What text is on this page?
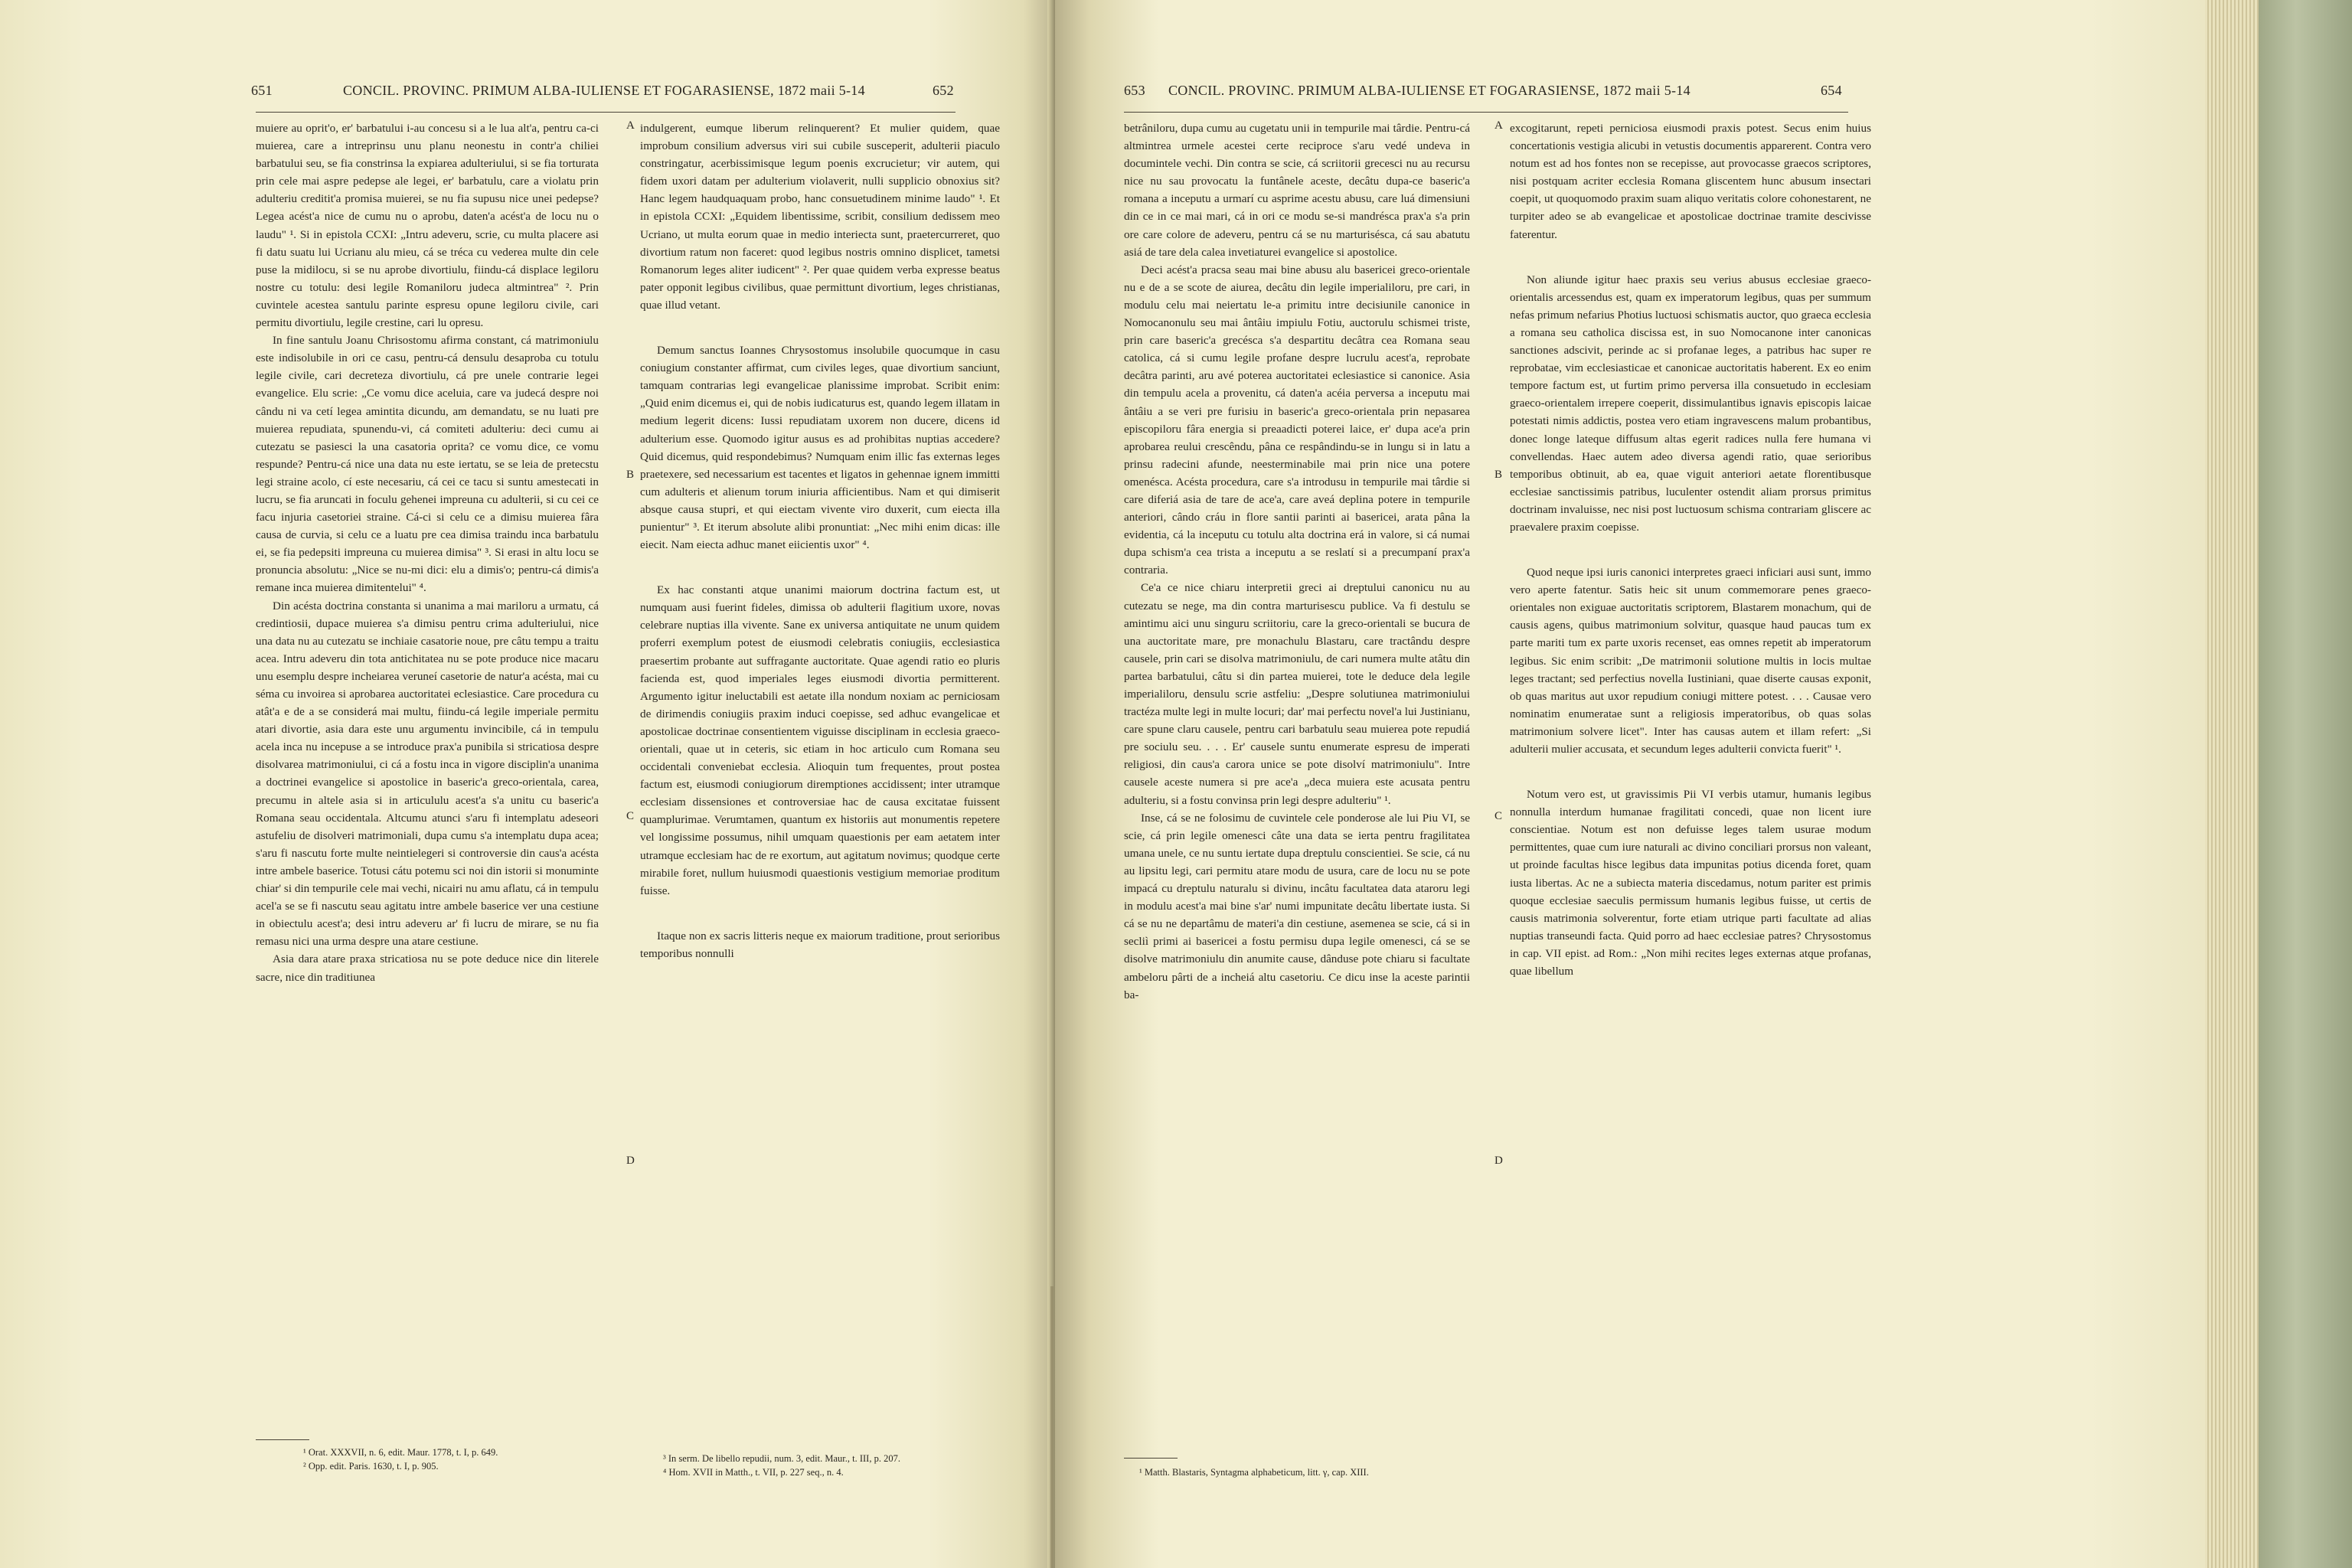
651	CONCIL. PROVINC. PRIMUM ALBA-IULIENSE ET FOGARASIENSE, 1872 maii 5-14	652

muiere au oprit'o, er' barbatului i-au concesu si a le lua alt'a, pentru ca-ci muierea, care a intreprinsu unu planu neonestu in contr'a chiliei barbatului seu, se fia constrinsa la expiarea adulteriului, si se fia torturata prin cele mai aspre pedepse ale legei, er' barbatulu, care a violatu prin adulteriu creditit'a promisa muierei, se nu fia supusu nice unei pedepse? Legea acést'a nice de cumu nu o aprobu, daten'a acést'a de locu nu o laudu" ¹. Si in epistola CCXI: „Intru adeveru, scrie, cu multa placere asi fi datu suatu lui Ucrianu alu mieu, cá se tréca cu vederea multe din cele puse la midilocu, si se nu aprobe divortiulu, fiindu-cá displace legiloru nostre cu totulu: desi legile Romaniloru judeca altmintrea" ². Prin cuvintele acestea santulu parinte espresu opune legiloru civile, cari permitu divortiulu, legile crestine, cari lu opresu.

In fine santulu Joanu Chrisostomu afirma constant, cá matrimoniulu este indisolubile in ori ce casu, pentru-cá densulu desaproba cu totulu legile civile, cari decreteza divortiulu, cá pre unele contrarie legei evangelice. Elu scrie: „Ce vomu dice aceluia, care va judecá despre noi cându ni va cetí legea amintita dicundu, am demandatu, se nu luati pre muierea repudiata, spunendu-vi, cá comiteti adulteriu: deci cumu ai cutezatu se pasiesci la una casatoria oprita? ce vomu dice, ce vomu respunde? Pentru-cá nice una data nu este iertatu, se se leia de pretecstu legi straine acolo, cí este necesariu, cá cei ce tacu si suntu amestecati in lucru, se fia aruncati in foculu gehenei impreuna cu adulterii, si cu cei ce facu injuria casetoriei straine. Cá-ci si celu ce a dimisu muierea fâra causa de curvia, si celu ce a luatu pre cea dimisa traindu inca barbatulu ei, se fia pedepsiti impreuna cu muierea dimisa" ³. Si erasi in altu locu se pronuncia absolutu: „Nice se nu-mi dici: elu a dimis'o; pentru-cá dimis'a remane inca muierea dimitentelui" ⁴.

Din acésta doctrina constanta si unanima a mai mariloru a urmatu, cá credintiosii, dupace muierea s'a dimisu pentru crima adulteriului, nice una data nu au cutezatu se inchiaie casatorie noue, pre câtu tempu a traitu acea. Intru adeveru din tota antichitatea nu se pote produce nice macaru unu esemplu despre incheiarea veruneí casetorie de natur'a acésta, mai cu séma cu invoirea si aprobarea auctoritatei eclesiastice. Care procedura cu atât'a e de a se considerá mai multu, fiindu-cá legile imperiale permitu atari divortie, asia dara este unu argumentu invincibile, cá in tempulu acela inca nu incepuse a se introduce prax'a punibila si stricatiosa despre disolvarea matrimoniului, ci cá a fostu inca in vigore disciplin'a unanima a doctrinei evangelice si apostolice in baseric'a greco-orientala, carea, precumu in altele asia si in articululu acest'a s'a unitu cu baseric'a Romana seau occidentala. Altcumu atunci s'aru fi intemplatu adeseori astufeliu de disolveri matrimoniali, dupa cumu s'a intemplatu dupa acea; s'aru fi nascutu forte multe neintielegeri si controversie din caus'a acésta intre ambele baserice. Totusi cátu potemu sci noi din istorii si monuminte chiar' si din tempurile cele mai vechi, nicairi nu amu aflatu, cá in tempulu acel'a se se fi nascutu seau agitatu intre ambele baserice ver una cestiune in obiectulu acest'a; desi intru adeveru ar' fi lucru de mirare, se nu fia remasu nici una urma despre una atare cestiune.

Asia dara atare praxa stricatiosa nu se pote deduce nice din literele sacre, nice din traditiunea

indulgerent, eumque liberum relinquerent? Et mulier quidem, quae improbum consilium adversus viri sui cubile susceperit, adulterii piaculo constringatur, acerbissimisque legum poenis excrucietur; vir autem, qui fidem uxori datam per adulterium violaverit, nulli supplicio obnoxius sit? Hanc legem haudquaquam probo, hanc consuetudinem minime laudo" ¹. Et in epistola CCXI: „Equidem libentissime, scribit, consilium dedissem meo Ucriano, ut multa eorum quae in medio interiecta sunt, praetercurreret, quo divortium ratum non faceret: quod legibus nostris omnino displicet, tametsi Romanorum leges aliter iudicent" ². Per quae quidem verba expresse beatus pater opponit legibus civilibus, quae permittunt divortium, leges christianas, quae illud vetant.

Demum sanctus Ioannes Chrysostomus insolubile quocumque in casu coniugium constanter affirmat, cum civiles leges, quae divortium sanciunt, tamquam contrarias legi evangelicae planissime improbat. Scribit enim: „Quid enim dicemus ei, qui de nobis iudicaturus est, quando legem illatam in medium legerit dicens: Iussi repudiatam uxorem non ducere, dicens id adulterium esse. Quomodo igitur ausus es ad prohibitas nuptias accedere? Quid dicemus, quid respondebimus? Numquam enim illic fas externas leges praetexere, sed necessarium est tacentes et ligatos in gehennae ignem immitti cum adulteris et alienum torum iniuria afficientibus. Nam et qui dimiserit absque causa stupri, et qui eiectam vivente viro duxerit, cum eiecta illa punientur" ³. Et iterum absolute alibi pronuntiat: „Nec mihi enim dicas: ille eiecit. Nam eiecta adhuc manet eiicientis uxor" ⁴.

Ex hac constanti atque unanimi maiorum doctrina factum est, ut numquam ausi fuerint fideles, dimissa ob adulterii flagitium uxore, novas celebrare nuptias illa vivente. Sane ex universa antiquitate ne unum quidem proferri exemplum potest de eiusmodi celebratis coniugiis, ecclesiastica praesertim probante aut suffragante auctoritate. Quae agendi ratio eo pluris facienda est, quod imperiales leges eiusmodi divortia permitterent. Argumento igitur ineluctabili est aetate illa nondum noxiam ac perniciosam de dirimendis coniugiis praxim induci coepisse, sed adhuc evangelicae et apostolicae doctrinae consentientem viguisse disciplinam in ecclesia graeco-orientali, quae ut in ceteris, sic etiam in hoc articulo cum Romana seu occidentali conveniebat ecclesia. Alioquin tum frequentes, prout postea factum est, eiusmodi coniugiorum diremptiones accidissent; inter utramque ecclesiam dissensiones et controversiae hac de causa excitatae fuissent quamplurimae. Verumtamen, quantum ex historiis aut monumentis repetere vel longissime possumus, nihil umquam quaestionis per eam aetatem inter utramque ecclesiam hac de re exortum, aut agitatum novimus; quodque certe mirabile foret, nullum huiusmodi quaestionis vestigium memoriae proditum fuisse.

Itaque non ex sacris litteris neque ex maiorum traditione, prout serioribus temporibus nonnulli

A
B
C
D
¹ Orat. XXXVII, n. 6, edit. Maur. 1778, t. I, p. 649.
² Opp. edit. Paris. 1630, t. I, p. 905.
³ In serm. De libello repudii, num. 3, edit. Maur., t. III, p. 207.
⁴ Hom. XVII in Matth., t. VII, p. 227 seq., n. 4.
653 CONCIL. PROVINC. PRIMUM ALBA-IULIENSE ET FOGARASIENSE, 1872 maii 5-14	654

betrâniloru, dupa cumu au cugetatu unii in tempurile mai târdie. Pentru-cá altmintrea urmele acestei certe reciproce s'aru vedé undeva in documintele vechi. Din contra se scie, cá scriitorii grecesci nu au recursu nice nu sau provocatu la funtânele aceste, decâtu dupa-ce baseric'a romana a inceputu a urmarí cu asprime acestu abusu, care luá dimensiuni din ce in ce mai mari, cá in ori ce modu se-si mandrésca prax'a s'a prin ore care colore de adeveru, pentru cá se nu marturisésca, cá sau abatutu asiá de tare dela calea invetiaturei evangelice si apostolice.

Deci acést'a pracsa seau mai bine abusu alu basericei greco-orientale nu e de a se scote de aiurea, decâtu din legile imperialiloru, pre cari, in modulu celu mai neiertatu le-a primitu intre decisiunile canonice in Nomocanonulu seu mai ântâiu impiulu Fotiu, auctorulu schismei triste, prin care baseric'a grecésca s'a despartitu decâtra cea Romana seau catolica, cá si cumu legile profane despre lucrulu acest'a, reprobate decâtra parinti, aru avé poterea auctoritatei eclesiastice si canonice. Asia din tempulu acela a provenitu, cá daten'a acéia perversa a inceputu mai ântâiu a se veri pre furisiu in baseric'a greco-orientala prin nepasarea episcopiloru fâra energia si preaadicti poterei laice, er' dupa ace'a prin aprobarea reului crescêndu, pâna ce respândindu-se in lungu si in latu a prinsu radecini afunde, neesterminabile mai prin nice una potere omenésca. Acésta procedura, care s'a introdusu in tempurile mai târdie si care diferiá asia de tare de ace'a, care aveá deplina potere in tempurile anteriori, cândo cráu in flore santii parinti ai basericei, arata pâna la evidentia, cá la inceputu cu totulu alta doctrina erá in valore, si cá numai dupa schism'a cea trista a inceputu a se reslatí si a precumpaní prax'a contraria.

Ce'a ce nice chiaru interpretii greci ai dreptului canonicu nu au cutezatu se nege, ma din contra marturisescu publice. Va fi destulu se amintimu aici unu singuru scriitoriu, care la greco-orientali se bucura de una auctoritate mare, pre monachulu Blastaru, care tractându despre causele, prin cari se disolva matrimoniulu, de cari numera multe atâtu din partea barbatului, câtu si din partea muierei, tote le deduce dela legile imperialiloru, densulu scrie astfeliu: „Despre solutiunea matrimoniului tractéza multe legi in multe locuri; dar' mai perfectu novel'a lui Justinianu, care spune claru causele, pentru cari barbatulu seau muierea pote repudiá pre sociulu seu. . . . Er' causele suntu enumerate espresu de imperati religiosi, din caus'a carora unice se pote disolví matrimoniulu". Intre causele aceste numera si pre ace'a „deca muiera este acusata pentru adulteriu, si a fostu convinsa prin legi despre adulteriu" ¹.

Inse, cá se ne folosimu de cuvintele cele ponderose ale lui Piu VI, se scie, cá prin legile omenesci câte una data se ierta pentru fragilitatea umana unele, ce nu suntu iertate dupa dreptulu conscientiei. Se scie, cá nu au lipsitu legi, cari permitu atare modu de usura, care de locu nu se pote impacá cu dreptulu naturalu si divinu, incâtu facultatea data ataroru legi in modulu acest'a mai bine s'ar' numi impunitate decâtu libertate iusta. Si cá se nu ne departâmu de materi'a din cestiune, asemenea se scie, cá si in secliì primi ai basericei a fostu permisu dupa legile omenesci, cá se se disolve matrimoniulu din anumite cause, dânduse pote chiaru si facultate ambeloru pârti de a incheiá altu casetoriu. Ce dicu inse la aceste parintii ba-

excogitarunt, repeti perniciosa eiusmodi praxis potest. Secus enim huius concertationis vestigia alicubi in vetustis documentis apparerent. Contra vero notum est ad hos fontes non se recepisse, aut provocasse graecos scriptores, nisi postquam acriter ecclesia Romana gliscentem hunc abusum insectari coepit, ut quoquomodo praxim suam aliquo veritatis colore cohonestarent, ne turpiter adeo se ab evangelicae et apostolicae doctrinae tramite descivisse faterentur.

Non aliunde igitur haec praxis seu verius abusus ecclesiae graeco-orientalis arcessendus est, quam ex imperatorum legibus, quas per summum nefas primum nefarius Photius luctuosi schismatis auctor, quo graeca ecclesia a romana seu catholica discissa est, in suo Nomocanone inter canonicas sanctiones adscivit, perinde ac si profanae leges, a patribus hac super re reprobatae, vim ecclesiasticae et canonicae auctoritatis haberent. Ex eo enim tempore factum est, ut furtim primo perversa illa consuetudo in ecclesiam graeco-orientalem irrepere coeperit, dissimulantibus ignavis episcopis laicae potestati nimis addictis, postea vero etiam ingravescens malum probantibus, donec longe lateque diffusum altas egerit radices nulla fere humana vi convellendas. Haec autem adeo diversa agendi ratio, quae serioribus temporibus obtinuit, ab ea, quae viguit anteriori aetate florentibusque ecclesiae sanctissimis patribus, luculenter ostendit aliam prorsus primitus doctrinam invaluisse, nec nisi post luctuosum schisma contrariam gliscere ac praevalere praxim coepisse.

Quod neque ipsi iuris canonici interpretes graeci inficiari ausi sunt, immo vero aperte fatentur. Satis heic sit unum commemorare penes graeco-orientales non exiguae auctoritatis scriptorem, Blastarem monachum, qui de causis agens, quibus matrimonium solvitur, quasque haud paucas tum ex parte mariti tum ex parte uxoris recenset, eas omnes repetit ab imperatorum legibus. Sic enim scribit: „De matrimonii solutione multis in locis multae leges tractant; sed perfectius novella Iustiniani, quae diserte causas exponit, ob quas maritus aut uxor repudium coniugi mittere potest. . . . Causae vero nominatim enumeratae sunt a religiosis imperatoribus, ob quas solas matrimonium solvere licet". Inter has causas autem et illam refert: „Si adulterii mulier accusata, et secundum leges adulterii convicta fuerit" ¹.

Notum vero est, ut gravissimis Pii VI verbis utamur, humanis legibus nonnulla interdum humanae fragilitati concedi, quae non licent iure conscientiae. Notum est non defuisse leges talem usurae modum permittentes, quae cum iure naturali ac divino conciliari prorsus non valeant, ut proinde facultas hisce legibus data impunitas potius dicenda foret, quam iusta libertas. Ac ne a subiecta materia discedamus, notum pariter est primis quoque ecclesiae saeculis permissum humanis legibus fuisse, ut certis de causis matrimonia solverentur, forte etiam utrique parti facultate ad alias nuptias transeundi facta. Quid porro ad haec ecclesiae patres? Chrysostomus in cap. VII epist. ad Rom.: „Non mihi recites leges externas atque profanas, quae libellum

A
B
C
D
¹ Matth. Blastaris, Syntagma alphabeticum, litt. γ, cap. XIII.
